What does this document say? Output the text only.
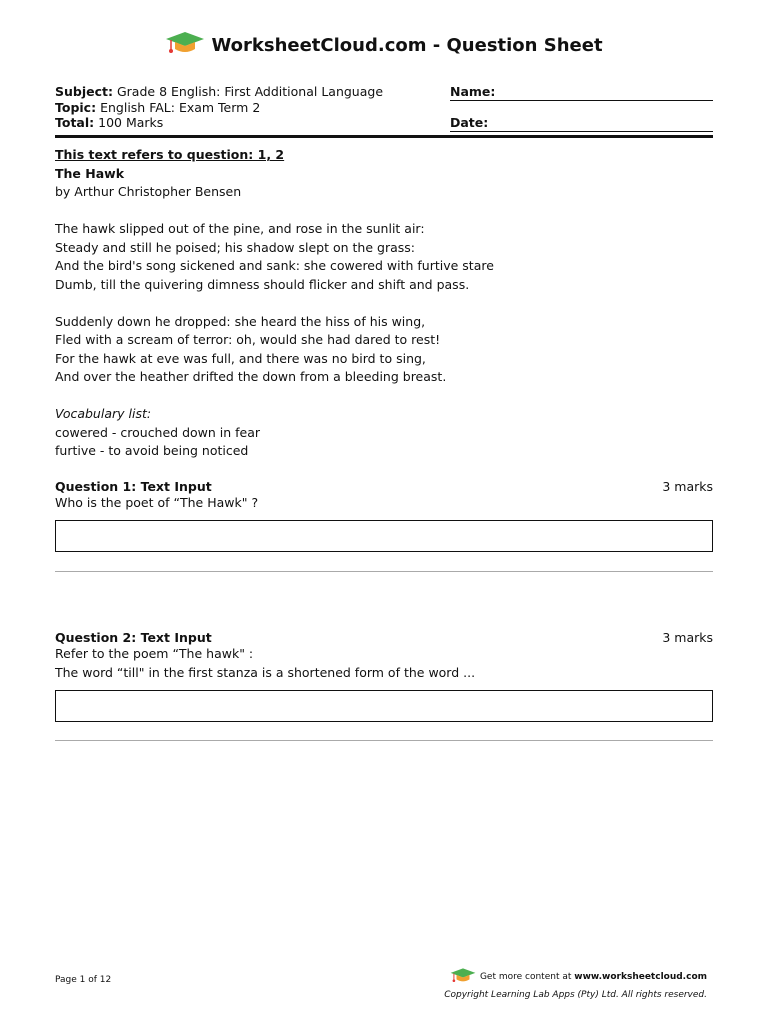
WorksheetCloud.com - Question Sheet
Subject: Grade 8 English: First Additional Language
Topic: English FAL: Exam Term 2
Total: 100 Marks
Name:
Date:
This text refers to question: 1, 2
The Hawk
by Arthur Christopher Bensen
The hawk slipped out of the pine, and rose in the sunlit air:
Steady and still he poised; his shadow slept on the grass:
And the bird's song sickened and sank: she cowered with furtive stare
Dumb, till the quivering dimness should flicker and shift and pass.
Suddenly down he dropped: she heard the hiss of his wing,
Fled with a scream of terror: oh, would she had dared to rest!
For the hawk at eve was full, and there was no bird to sing,
And over the heather drifted the down from a bleeding breast.
Vocabulary list:
cowered - crouched down in fear
furtive - to avoid being noticed
Question 1: Text Input	3 marks
Who is the poet of “The Hawk" ?
Question 2: Text Input	3 marks
Refer to the poem “The hawk" :
The word “till" in the first stanza is a shortened form of the word ...
Page 1 of 12	Get more content at www.worksheetcloud.com
Copyright Learning Lab Apps (Pty) Ltd. All rights reserved.
